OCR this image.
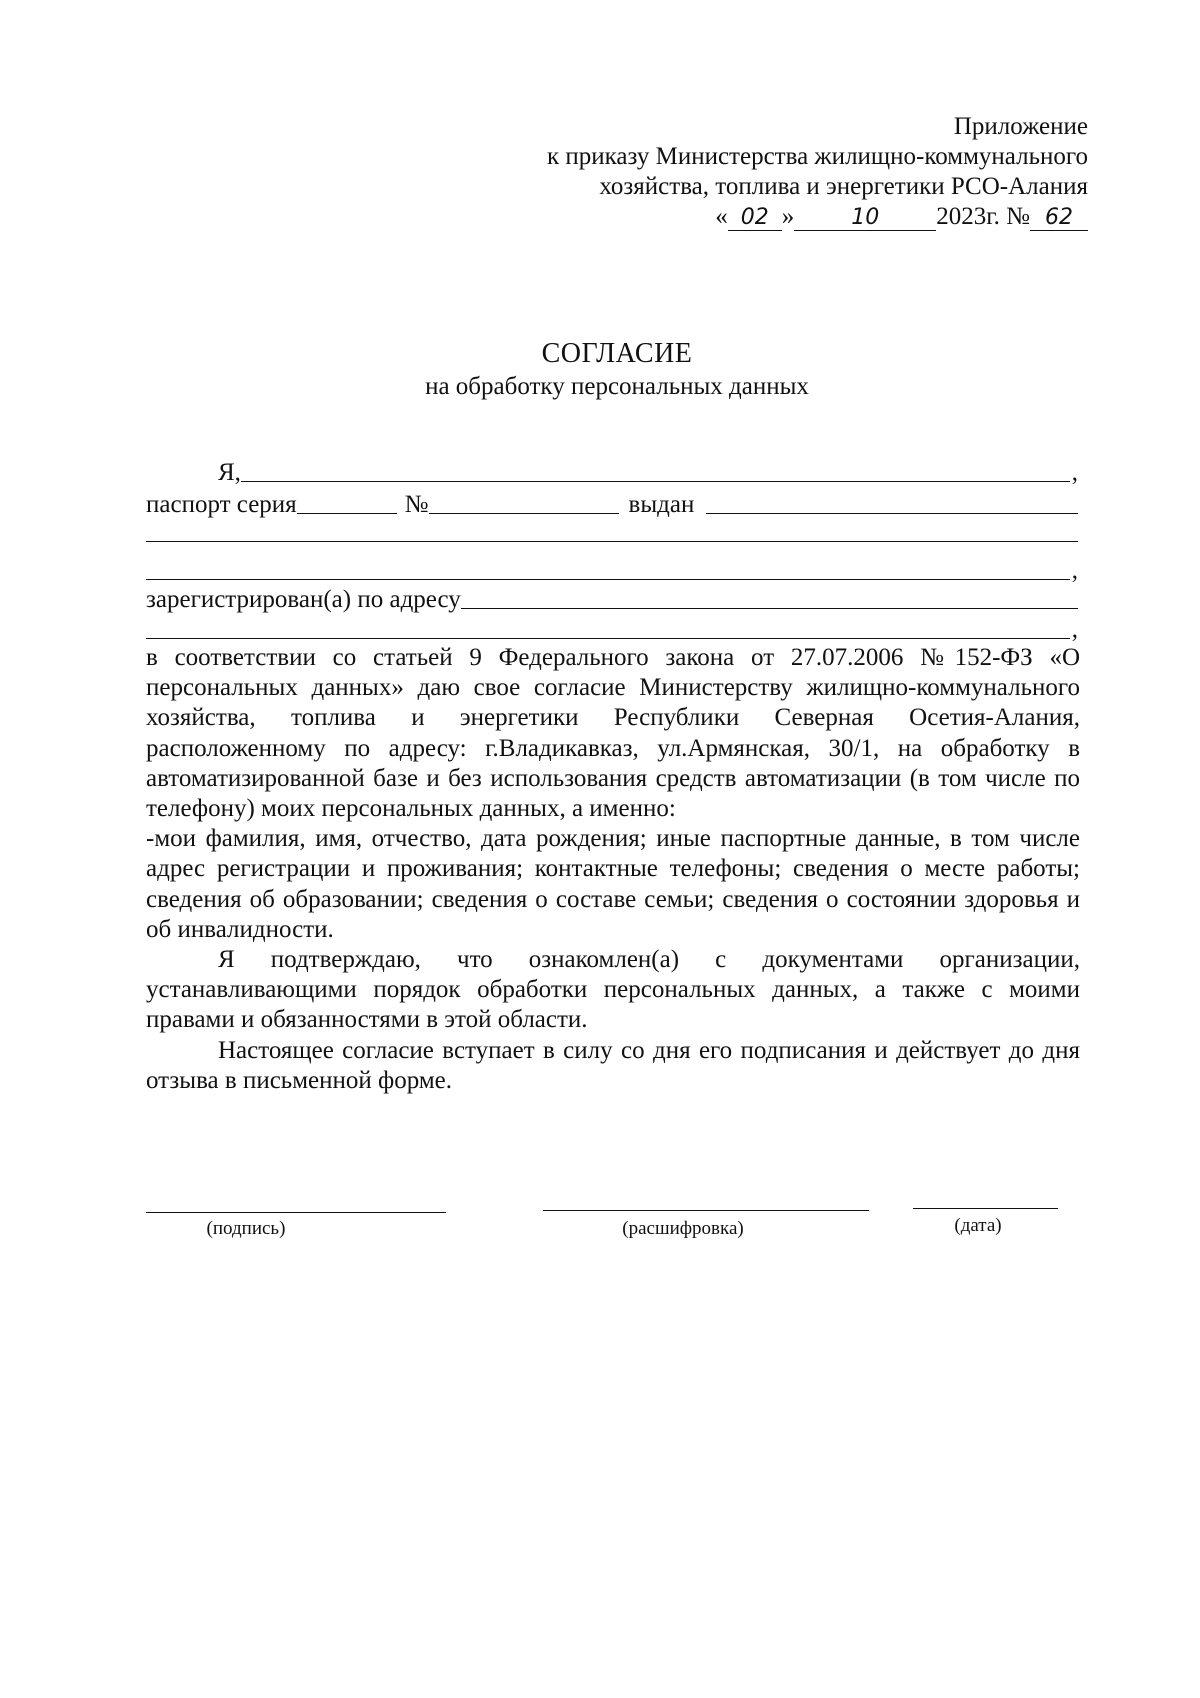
Приложение
к приказу Министерства жилищно-коммунального
хозяйства, топлива и энергетики РСО-Алания
« 02 »	10 2023г. № 62
СОГЛАСИЕ
на обработку персональных данных
Я,	,
паспорт серия	№	выдан
,
зарегистрирован(а) по адресу
,

в соответствии со статьей 9 Федерального закона от 27.07.2006 №152-ФЗ «О персональных данных» даю свое согласие Министерству жилищно-коммунального хозяйства, топлива и энергетики Республики Северная Осетия-Алания, расположенному по адресу: г.Владикавказ, ул.Армянская, 30/1, на обработку в автоматизированной базе и без использования средств автоматизации (в том числе по телефону) моих персональных данных, а именно:

-мои фамилия, имя, отчество, дата рождения; иные паспортные данные, в том числе адрес регистрации и проживания; контактные телефоны; сведения о месте работы; сведения об образовании; сведения о составе семьи; сведения о состоянии здоровья и об инвалидности.

Я подтверждаю, что ознакомлен(а) с документами организации, устанавливающими порядок обработки персональных данных, а также с моими правами и обязанностями в этой области.

Настоящее согласие вступает в силу со дня его подписания и действует до дня отзыва в письменной форме.

(подпись)	(расшифровка)	(дата)
